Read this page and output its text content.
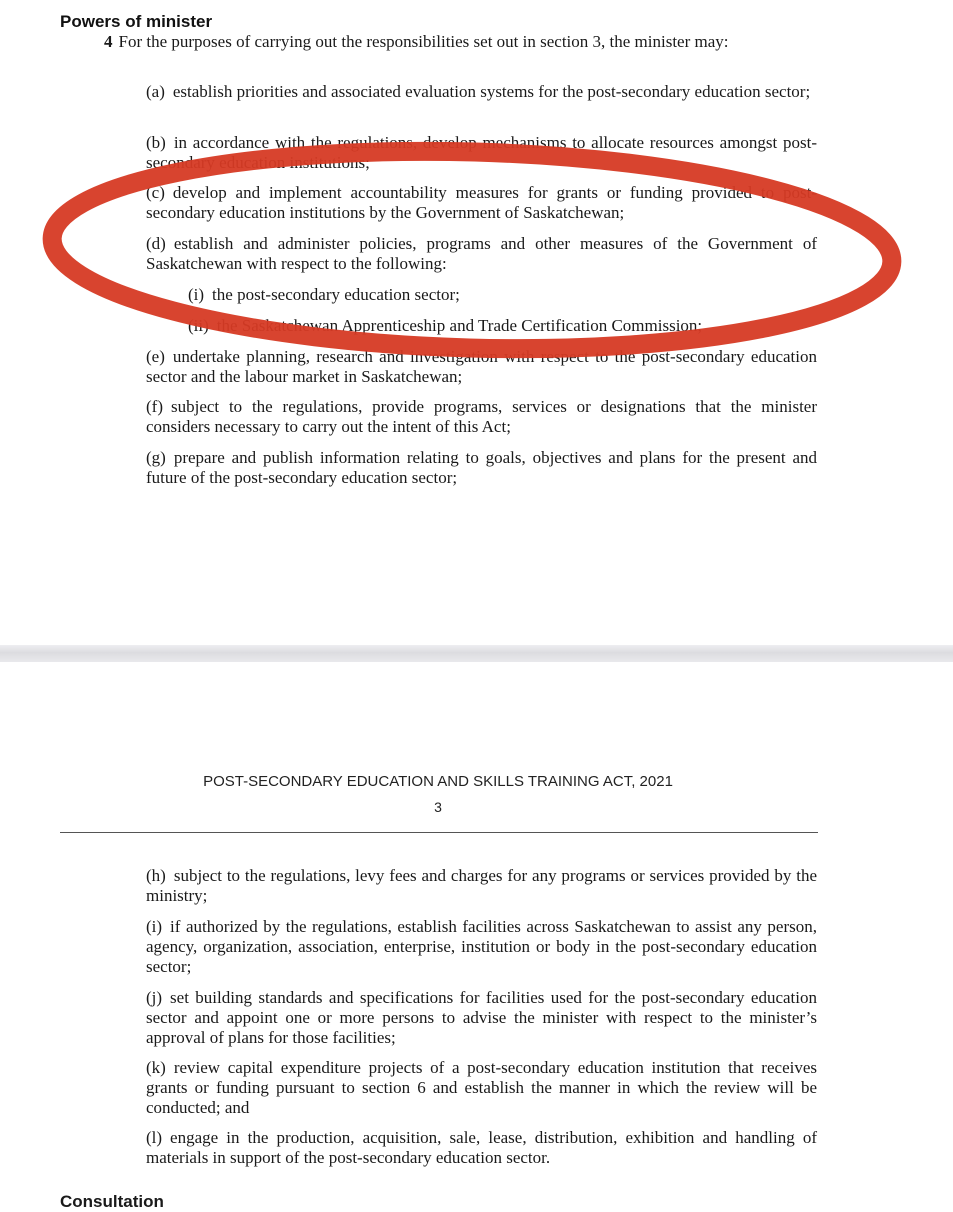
Powers of minister

4 For the purposes of carrying out the responsibilities set out in section 3, the minister may:

(a) establish priorities and associated evaluation systems for the post-secondary education sector;

(b) in accordance with the regulations, develop mechanisms to allocate resources amongst post-secondary education institutions;

(c) develop and implement accountability measures for grants or funding provided to post-secondary education institutions by the Government of Saskatchewan;

(d) establish and administer policies, programs and other measures of the Government of Saskatchewan with respect to the following:

(i) the post-secondary education sector;

(ii) the Saskatchewan Apprenticeship and Trade Certification Commission;

(e) undertake planning, research and investigation with respect to the post-secondary education sector and the labour market in Saskatchewan;

(f) subject to the regulations, provide programs, services or designations that the minister considers necessary to carry out the intent of this Act;

(g) prepare and publish information relating to goals, objectives and plans for the present and future of the post-secondary education sector;

POST-SECONDARY EDUCATION AND SKILLS TRAINING ACT, 2021

3

(h) subject to the regulations, levy fees and charges for any programs or services provided by the ministry;

(i) if authorized by the regulations, establish facilities across Saskatchewan to assist any person, agency, organization, association, enterprise, institution or body in the post-secondary education sector;

(j) set building standards and specifications for facilities used for the post-secondary education sector and appoint one or more persons to advise the minister with respect to the minister’s approval of plans for those facilities;

(k) review capital expenditure projects of a post-secondary education institution that receives grants or funding pursuant to section 6 and establish the manner in which the review will be conducted; and

(l) engage in the production, acquisition, sale, lease, distribution, exhibition and handling of materials in support of the post-secondary education sector.

Consultation
